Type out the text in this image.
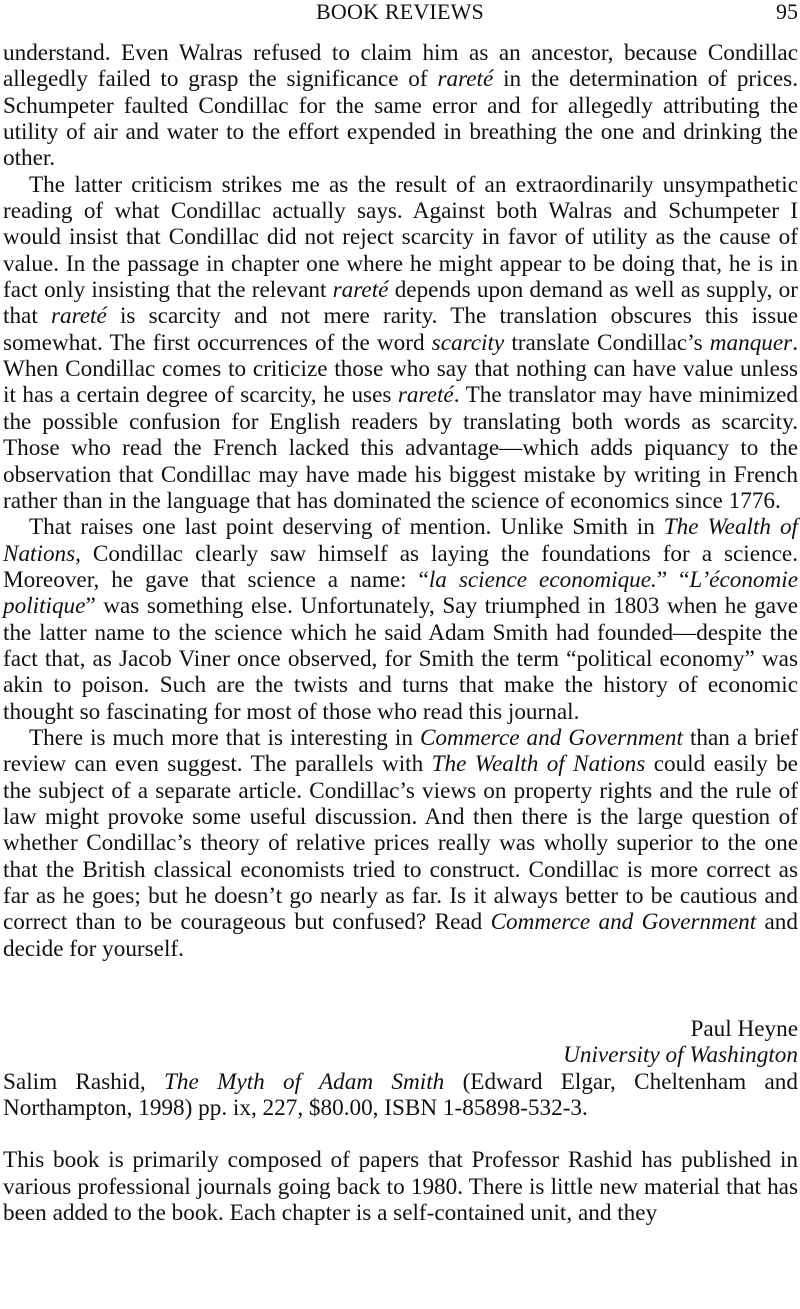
BOOK REVIEWS	95

understand. Even Walras refused to claim him as an ancestor, because Condillac allegedly failed to grasp the significance of rareté in the determination of prices. Schumpeter faulted Condillac for the same error and for allegedly attributing the utility of air and water to the effort expended in breathing the one and drinking the other.

The latter criticism strikes me as the result of an extraordinarily unsympathetic reading of what Condillac actually says. Against both Walras and Schumpeter I would insist that Condillac did not reject scarcity in favor of utility as the cause of value. In the passage in chapter one where he might appear to be doing that, he is in fact only insisting that the relevant rareté depends upon demand as well as supply, or that rareté is scarcity and not mere rarity. The translation obscures this issue somewhat. The first occurrences of the word scarcity translate Condillac’s manquer. When Condillac comes to criticize those who say that nothing can have value unless it has a certain degree of scarcity, he uses rareté. The translator may have minimized the possible confusion for English readers by translating both words as scarcity. Those who read the French lacked this advantage—which adds piquancy to the observation that Condillac may have made his biggest mistake by writing in French rather than in the language that has dominated the science of economics since 1776.

That raises one last point deserving of mention. Unlike Smith in The Wealth of Nations, Condillac clearly saw himself as laying the foundations for a science. Moreover, he gave that science a name: “la science economique.” “L’économie politique” was something else. Unfortunately, Say triumphed in 1803 when he gave the latter name to the science which he said Adam Smith had founded—despite the fact that, as Jacob Viner once observed, for Smith the term “political economy” was akin to poison. Such are the twists and turns that make the history of economic thought so fascinating for most of those who read this journal.

There is much more that is interesting in Commerce and Government than a brief review can even suggest. The parallels with The Wealth of Nations could easily be the subject of a separate article. Condillac’s views on property rights and the rule of law might provoke some useful discussion. And then there is the large question of whether Condillac’s theory of relative prices really was wholly superior to the one that the British classical economists tried to construct. Condillac is more correct as far as he goes; but he doesn’t go nearly as far. Is it always better to be cautious and correct than to be courageous but confused? Read Commerce and Government and decide for yourself.

Paul Heyne
University of Washington

Salim Rashid, The Myth of Adam Smith (Edward Elgar, Cheltenham and Northampton, 1998) pp. ix, 227, $80.00, ISBN 1-85898-532-3.

This book is primarily composed of papers that Professor Rashid has published in various professional journals going back to 1980. There is little new material that has been added to the book. Each chapter is a self-contained unit, and they
